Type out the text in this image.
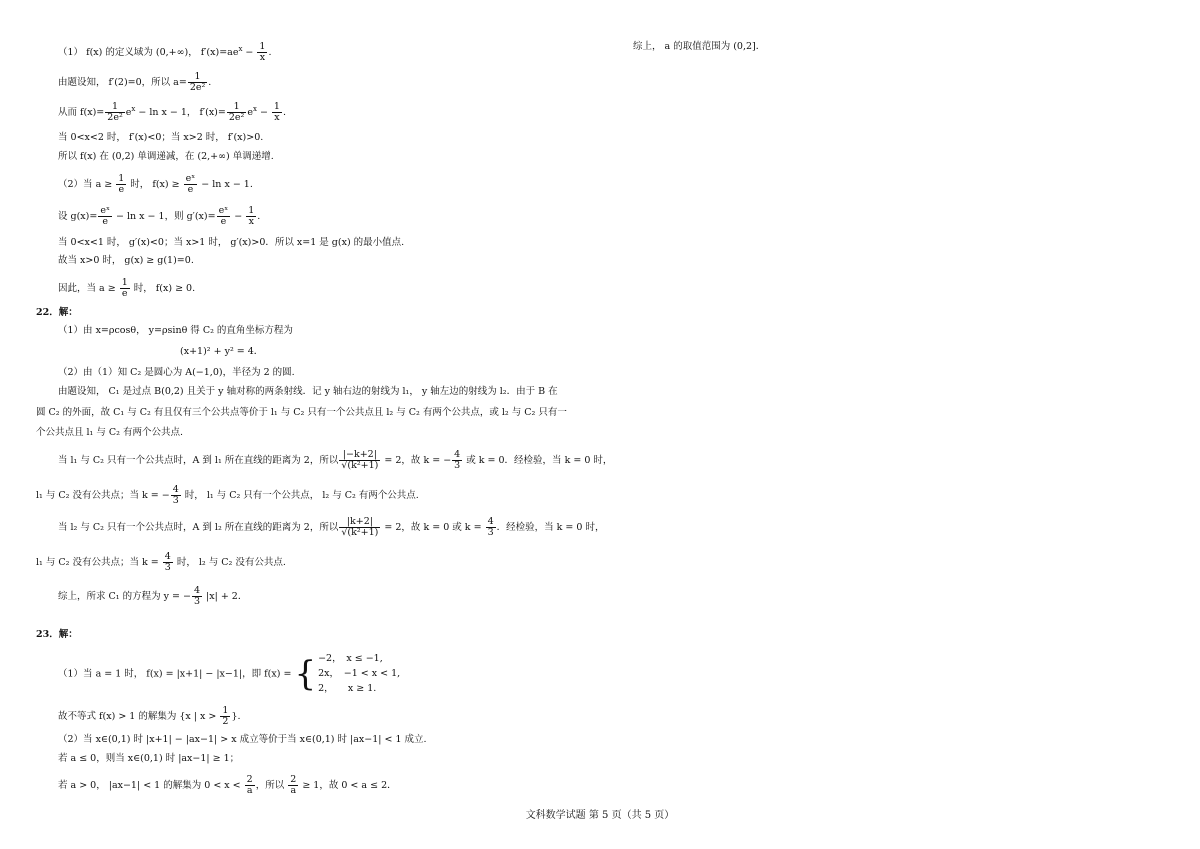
（1） f(x) 的定义域为 (0,+∞)， $f'(x)=ae^x - \frac{1}{x}$ .
由题设知， f′(2)=0，所以 $a= \frac{1}{\text{2e²}}$ .
从而 $f(x)= \frac{1}{\text{2e²}} e^x - \ln x - 1$， $f'(x)= \frac{1}{\text{2e²}} e^x - \frac{1}{x}$ .
当 0<x<2 时， f′(x)<0；当 x>2 时， f′(x)>0.
所以 f(x) 在 (0,2) 单调递减，在 (2,+∞) 单调递增.
（2）当 $a \ge \frac{1}{e}$ 时， $f(x) \ge \frac{\text{eˣ}}{e} - \ln x - 1$.
设 $g(x)= \frac{\text{eˣ}}{e} - \ln x - 1$，则 $g'(x)= \frac{\text{eˣ}}{e} - \frac{1}{x}$ .
当 0<x<1 时， g′(x)<0；当 x>1 时， g′(x)>0．所以 x=1 是 g(x) 的最小值点.
故当 x>0 时， g(x) ≥ g(1)=0.
因此，当 $a \ge \frac{1}{e}$ 时， f(x) ≥ 0.
22．解：
（1）由 x=ρcosθ， y=ρsinθ 得 C₂ 的直角坐标方程为
(x+1)² + y² = 4．
（2）由（1）知 C₂ 是圆心为 A(−1,0)，半径为 2 的圆.
由题设知， C₁ 是过点 B(0,2) 且关于 y 轴对称的两条射线．记 y 轴右边的射线为 l₁， y 轴左边的射线为 l₂．由于 B 在
圆 C₂ 的外面，故 C₁ 与 C₂ 有且仅有三个公共点等价于 l₁ 与 C₂ 只有一个公共点且 l₂ 与 C₂ 有两个公共点，或 l₂ 与 C₂ 只有一
个公共点且 l₁ 与 C₂ 有两个公共点.
当 l₁ 与 C₂ 只有一个公共点时，A 到 l₁ 所在直线的距离为 2，所以 $\frac{|-k+2|}{\text{√(k²+1)}} = 2$，故 k = − $\frac{4}{3}$ 或 k = 0．经检验，当 k = 0 时，
l₁ 与 C₂ 没有公共点；当 k = − $\frac{4}{3}$ 时， l₁ 与 C₂ 只有一个公共点， l₂ 与 C₂ 有两个公共点.
当 l₂ 与 C₂ 只有一个公共点时，A 到 l₂ 所在直线的距离为 2，所以 $\frac{|k+2|}{\text{√(k²+1)}} = 2$，故 k = 0 或 $k = \frac{4}{3}$ ．经检验，当 k = 0 时，
l₁ 与 C₂ 没有公共点；当 $k = \frac{4}{3}$ 时， l₂ 与 C₂ 没有公共点.
综上，所求 C₁ 的方程为 y = − $\frac{4}{3} |x| + 2$．
23．解：
（1）当 a = 1 时， f(x) = |x+1| − |x−1|，即 f(x) = { −2，　x ≤ −1,
2x，　−1 < x < 1,
2，　　x ≥ 1.
故不等式 f(x) > 1 的解集为 {x | $x > \frac{1}{2}$ }.
（2）当 x∈(0,1) 时 |x+1| − |ax−1| > x 成立等价于当 x∈(0,1) 时 |ax−1| < 1 成立.
若 a ≤ 0，则当 x∈(0,1) 时 |ax−1| ≥ 1；
若 a > 0， |ax−1| < 1 的解集为 $0 < x < \frac{2}{a}$ ，所以 $\frac{2}{a} \ge 1$，故 0 < a ≤ 2．
综上， a 的取值范围为 (0,2]．
文科数学试题 第 5 页（共 5 页）
